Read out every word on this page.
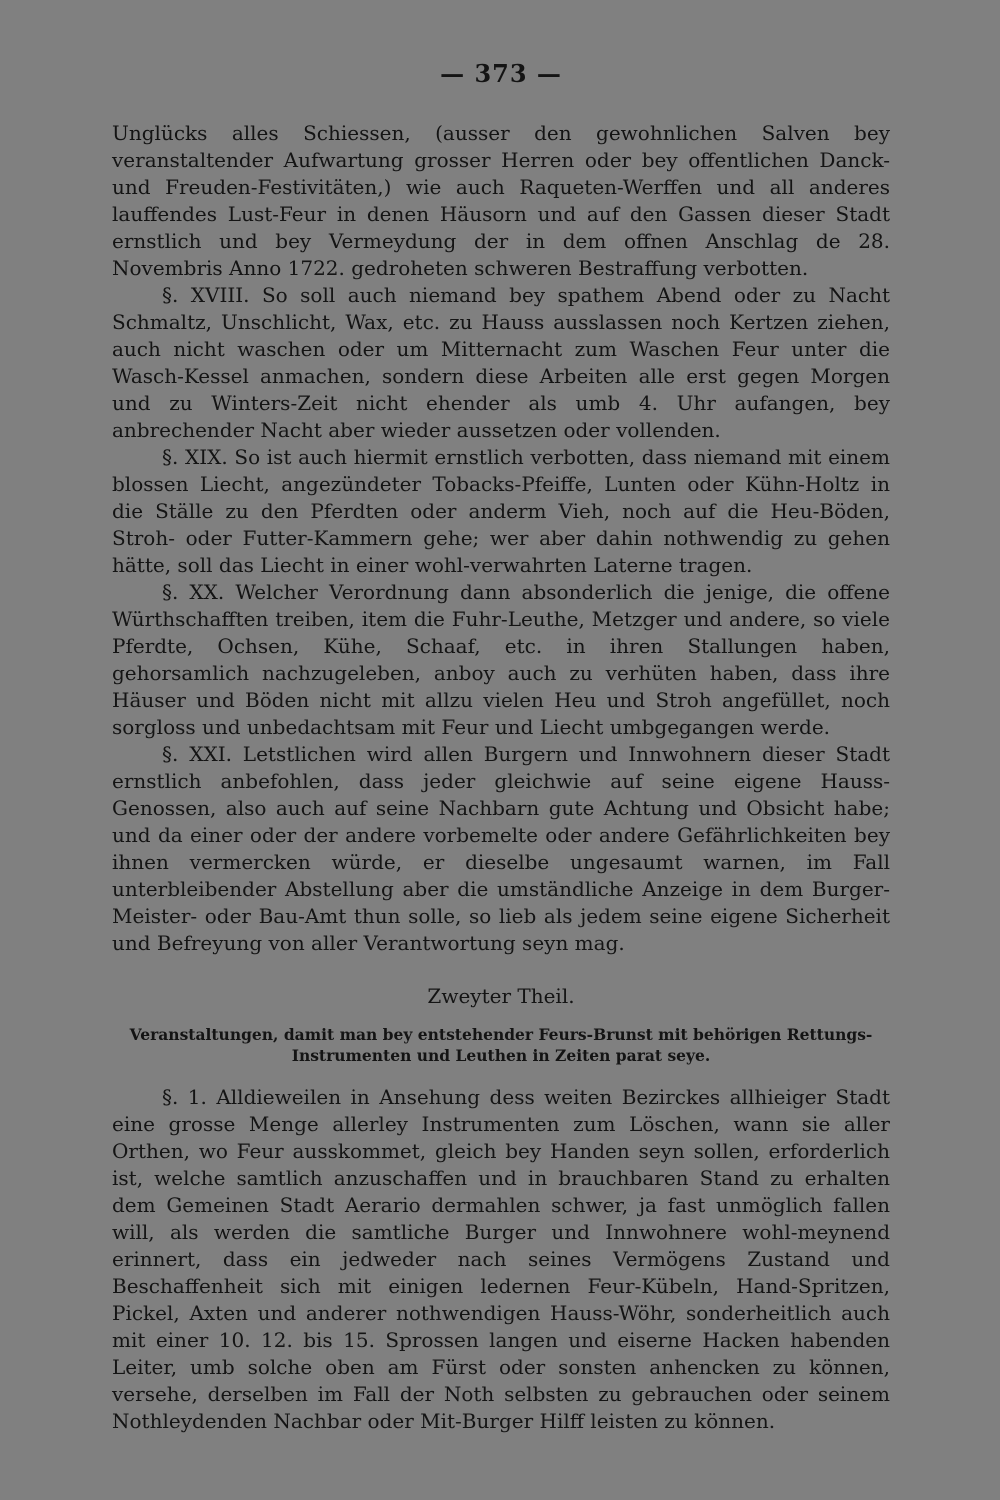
— 373 —

Unglücks alles Schiessen, (ausser den gewohnlichen Salven bey veranstaltender Aufwartung grosser Herren oder bey offentlichen Danck- und Freuden-Festivitäten,) wie auch Raqueten-Werffen und all anderes lauffendes Lust-Feur in denen Häusorn und auf den Gassen dieser Stadt ernstlich und bey Vermeydung der in dem offnen Anschlag de 28. Novembris Anno 1722. gedroheten schweren Bestraffung verbotten.

§. XVIII. So soll auch niemand bey spathem Abend oder zu Nacht Schmaltz, Unschlicht, Wax, etc. zu Hauss ausslassen noch Kertzen ziehen, auch nicht waschen oder um Mitternacht zum Waschen Feur unter die Wasch-Kessel anmachen, sondern diese Arbeiten alle erst gegen Morgen und zu Winters-Zeit nicht ehender als umb 4. Uhr aufangen, bey anbrechender Nacht aber wieder aussetzen oder vollenden.

§. XIX. So ist auch hiermit ernstlich verbotten, dass niemand mit einem blossen Liecht, angezündeter Tobacks-Pfeiffe, Lunten oder Kühn-Holtz in die Ställe zu den Pferdten oder anderm Vieh, noch auf die Heu-Böden, Stroh- oder Futter-Kammern gehe; wer aber dahin nothwendig zu gehen hätte, soll das Liecht in einer wohl-verwahrten Laterne tragen.

§. XX. Welcher Verordnung dann absonderlich die jenige, die offene Würthschafften treiben, item die Fuhr-Leuthe, Metzger und andere, so viele Pferdte, Ochsen, Kühe, Schaaf, etc. in ihren Stallungen haben, gehorsamlich nachzugeleben, anboy auch zu verhüten haben, dass ihre Häuser und Böden nicht mit allzu vielen Heu und Stroh angefüllet, noch sorgloss und unbedachtsam mit Feur und Liecht umbgegangen werde.

§. XXI. Letstlichen wird allen Burgern und Innwohnern dieser Stadt ernstlich anbefohlen, dass jeder gleichwie auf seine eigene Hauss-Genossen, also auch auf seine Nachbarn gute Achtung und Obsicht habe; und da einer oder der andere vorbemelte oder andere Gefährlichkeiten bey ihnen vermercken würde, er dieselbe ungesaumt warnen, im Fall unterbleibender Abstellung aber die umständliche Anzeige in dem Burger-Meister- oder Bau-Amt thun solle, so lieb als jedem seine eigene Sicherheit und Befreyung von aller Verantwortung seyn mag.

Zweyter Theil.
Veranstaltungen, damit man bey entstehender Feurs-Brunst mit behörigen Rettungs-
Instrumenten und Leuthen in Zeiten parat seye.

§. 1. Alldieweilen in Ansehung dess weiten Bezirckes allhieiger Stadt eine grosse Menge allerley Instrumenten zum Löschen, wann sie aller Orthen, wo Feur ausskommet, gleich bey Handen seyn sollen, erforderlich ist, welche samtlich anzuschaffen und in brauchbaren Stand zu erhalten dem Gemeinen Stadt Aerario dermahlen schwer, ja fast unmöglich fallen will, als werden die samtliche Burger und Innwohnere wohl-meynend erinnert, dass ein jedweder nach seines Vermögens Zustand und Beschaffenheit sich mit einigen ledernen Feur-Kübeln, Hand-Spritzen, Pickel, Axten und anderer nothwendigen Hauss-Wöhr, sonderheitlich auch mit einer 10. 12. bis 15. Sprossen langen und eiserne Hacken habenden Leiter, umb solche oben am Fürst oder sonsten anhencken zu können, versehe, derselben im Fall der Noth selbsten zu gebrauchen oder seinem Nothleydenden Nachbar oder Mit-Burger Hilff leisten zu können.
